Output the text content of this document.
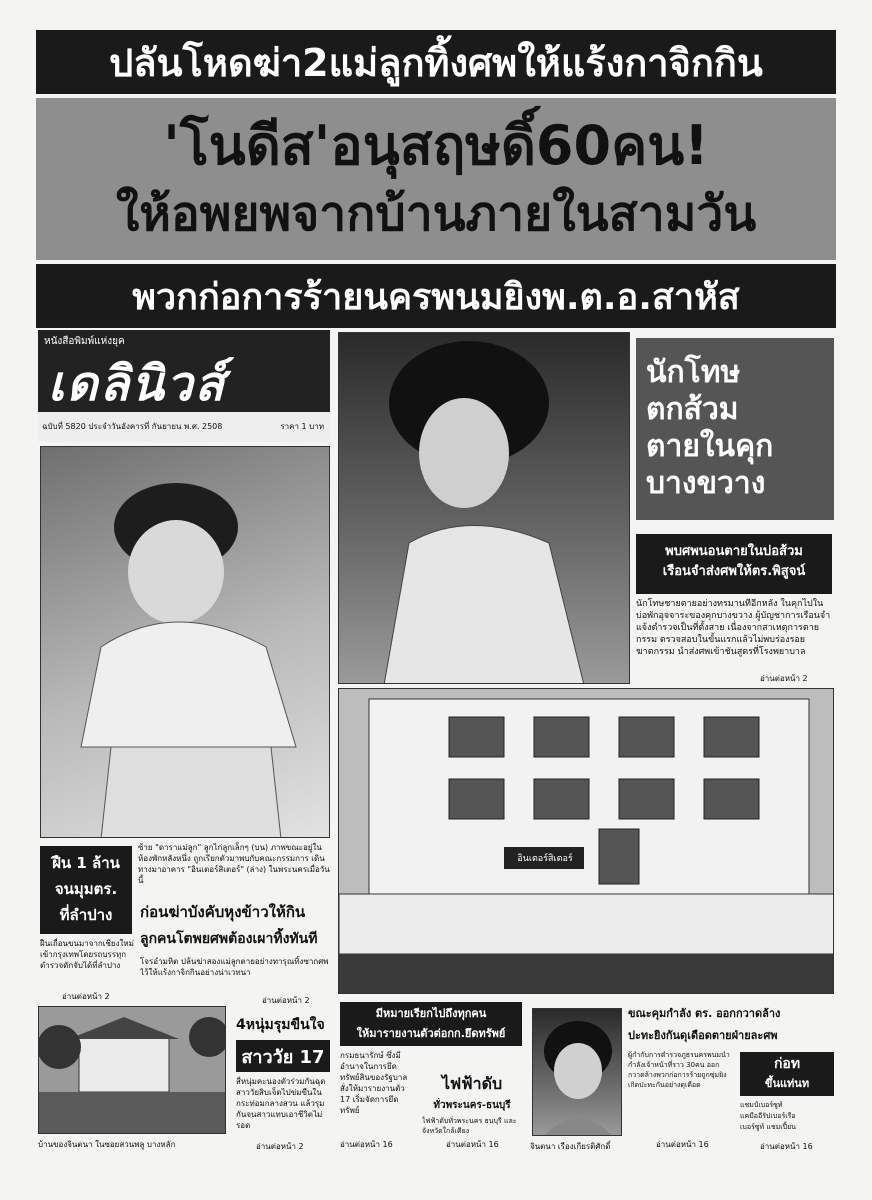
ปลันโหดฆ่า2แม่ลูกทิ้งศพให้แร้งกาจิกกิน
'โนดีส'อนุสฤษดิ์60คน!
ให้อพยพจากบ้านภายในสามวัน
พวกก่อการร้ายนครพนมยิงพ.ต.อ.สาหัส
หนังสือพิมพ์แห่งยุค
เดลินิวส์
ฉบับที่ 5820 ประจำวันอังคารที่ กันยายน พ.ศ. 2508	ราคา 1 บาท
นักโทษ
ตกส้วม
ตายในคุก
บางขวาง
พบศพนอนตายในบ่อส้วม
เรือนจำส่งศพให้ตร.พิสูจน์
นักโทษชายตายอย่างทรมานที่อีกหลัง ในคุกไปในบ่อพักอุจจาระของคุกบางขวาง ผู้บัญชาการเรือนจำแจ้งตำรวจเป็นที่ตั้งสาย เนื่องจากสาเหตุการตาย กรรม ตรวจสอบในขั้นแรกแล้วไม่พบร่องรอยฆาตกรรม นำส่งศพเข้าชันสูตรที่โรงพยาบาล
อ่านต่อหน้า 2
อินเตอร์สิเตอร์
ซ้าย "ดาราแม่ลูก" ลูกไก่ลูกเล็กๆ (บน) ภาพขณะอยู่ในห้องพักหลังหนึ่ง ถูกเรียกตัวมาพบกับคณะกรรมการ เดินทางมาอาคาร "อินเตอร์สิเตอร์" (ล่าง) ในพระนครเมื่อวันนี้
ฝืน 1 ล้าน
จนมุมตร.
ที่ลำปาง
ฝืนเถื่อนขนมาจากเชียงใหม่เข้ากรุงเทพโดยรถบรรทุก ตำรวจดักจับได้ที่ลำปาง
อ่านต่อหน้า 2
ก่อนฆ่าบังคับหุงข้าวให้กิน
ลูกคนโตพยศพต้องเผาทิ้งทันที
โจรอำมหิต ปล้นฆ่าสองแม่ลูกตายอย่างทารุณทิ้งซากศพไว้ให้แร้งกาจิกกินอย่างน่าเวทนา
อ่านต่อหน้า 2
บ้านของจินตนา ในซอยสวนพลู บางหลัก
4หนุ่มรุมขืนใจ
สาววัย 17
สี่หนุ่มคะนองตัวร่วมกันฉุดสาววัยสิบเจ็ดไปข่มขืนในกระท่อมกลางสวน แล้วรุมกันจนสาวแทบเอาชีวิตไม่รอด
อ่านต่อหน้า 2
มีหมายเรียกไปถึงทุกคน
ให้มารายงานตัวต่อกก.ยึดทรัพย์
กรมธนารักษ์ ซึ่งมีอำนาจในการยึดทรัพย์สินของรัฐบาลสั่งให้มารายงานตัว 17 เริ่มจัดการยึดทรัพย์
อ่านต่อหน้า 16
ไฟฟ้าดับ
ทั่วพระนคร-ธนบุรี
ไฟฟ้าดับทั่วพระนคร ธนบุรี และจังหวัดใกล้เคียง
อ่านต่อหน้า 16	จินตนา เรืองเกียรติศักดิ์
ขณะคุมกำลัง ตร. ออกกวาดล้าง
ปะทะยิงกันดุเดือดตายฝ่ายละศพ
ผู้กำกับการตำรวจภูธรนครพนมนำกำลังเจ้าหน้าที่ราว 30คน ออกกวาดล้างพวกก่อการร้ายถูกซุ่มยิง เกิดปะทะกันอย่างดุเดือด
อ่านต่อหน้า 16
ก่อท
ขึ้นแท่นท
แชมป์เบอร์ซูท์
แคมืออีรัปเบอร์เรือ
เบอร์ซูท์ แชมเปี้ยน
อ่านต่อหน้า 16
